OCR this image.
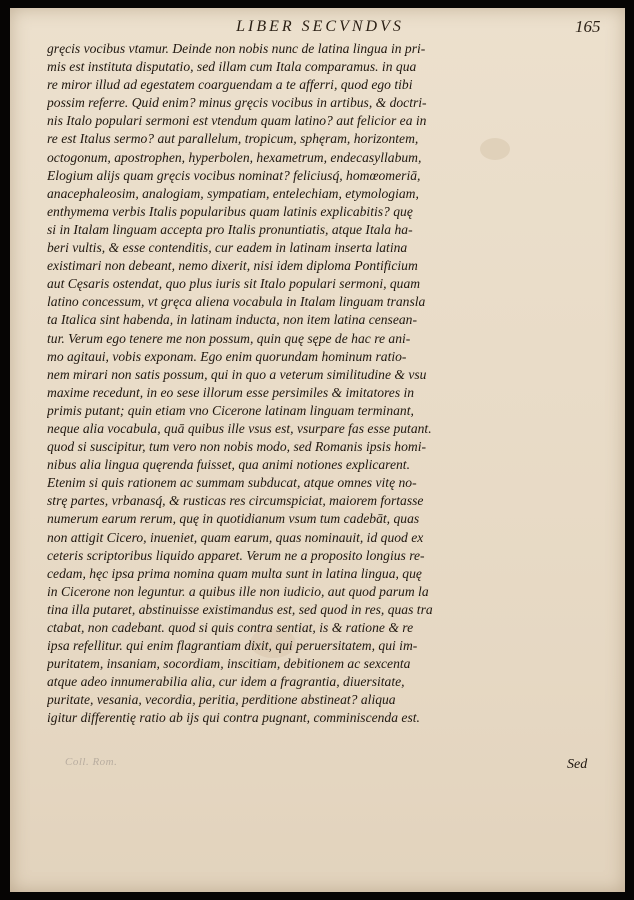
LIBER SECVNDVS	165
gręcis vocibus vtamur. Deinde non nobis nunc de latina lingua in pri-
mis est instituta disputatio, sed illam cum Itala comparamus. in qua
re miror illud ad egestatem coarguendam a te afferri, quod ego tibi
possim referre. Quid enim? minus gręcis vocibus in artibus, & doctri-
nis Italo populari sermoni est vtendum quam latino? aut felicior ea in
re est Italus sermo? aut parallelum, tropicum, sphęram, horizontem,
octogonum, apostrophen, hyperbolen, hexametrum, endecasyllabum,
Elogium alijs quam gręcis vocibus nominat? feliciusq́, homœomeriā,
anacephaleosim, analogiam, sympatiam, entelechiam, etymologiam,
enthymema verbis Italis popularibus quam latinis explicabitis? quę
si in Italam linguam accepta pro Italis pronuntiatis, atque Itala ha-
beri vultis, & esse contenditis, cur eadem in latinam inserta latina
existimari non debeant, nemo dixerit, nisi idem diploma Pontificium
aut Cęsaris ostendat, quo plus iuris sit Italo populari sermoni, quam
latino concessum, vt gręca aliena vocabula in Italam linguam transla
ta Italica sint habenda, in latinam inducta, non item latina censean-
tur. Verum ego tenere me non possum, quin quę sępe de hac re ani-
mo agitaui, vobis exponam. Ego enim quorundam hominum ratio-
nem mirari non satis possum, qui in quo a veterum similitudine & vsu
maxime recedunt, in eo sese illorum esse persimiles & imitatores in
primis putant; quin etiam vno Cicerone latinam linguam terminant,
neque alia vocabula, quā quibus ille vsus est, vsurpare fas esse putant.
quod si suscipitur, tum vero non nobis modo, sed Romanis ipsis homi-
nibus alia lingua quęrenda fuisset, qua animi notiones explicarent.
Etenim si quis rationem ac summam subducat, atque omnes vitę no-
strę partes, vrbanasq́, & rusticas res circumspiciat, maiorem fortasse
numerum earum rerum, quę in quotidianum vsum tum cadebāt, quas
non attigit Cicero, inueniet, quam earum, quas nominauit, id quod ex
ceteris scriptoribus liquido apparet. Verum ne a proposito longius re-
cedam, hęc ipsa prima nomina quam multa sunt in latina lingua, quę
in Cicerone non leguntur. a quibus ille non iudicio, aut quod parum la
tina illa putaret, abstinuisse existimandus est, sed quod in res, quas tra
ctabat, non cadebant. quod si quis contra sentiat, is & ratione & re
ipsa refellitur. qui enim flagrantiam dixit, qui peruersitatem, qui im-
puritatem, insaniam, socordiam, inscitiam, debitionem ac sexcenta
atque adeo innumerabilia alia, cur idem a fragrantia, diuersitate,
puritate, vesania, vecordia, peritia, perditione abstineat? aliqua
igitur differentię ratio ab ijs qui contra pugnant, comminiscenda est.
Coll. Rom.	Sed
